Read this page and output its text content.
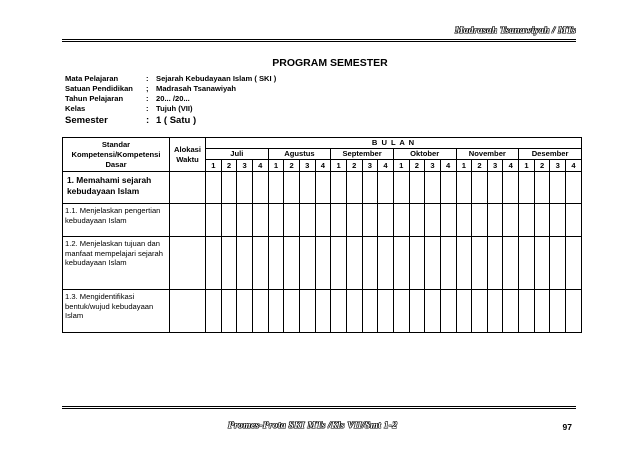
Madrasah Tsanawiyah / MTs
PROGRAM SEMESTER
Mata Pelajaran	: Sejarah Kebudayaan Islam ( SKI )
Satuan Pendidikan	; Madrasah Tsanawiyah
Tahun Pelajaran	: 20... /20...
Kelas	: Tujuh (VII)
Semester	: 1 ( Satu )
Standar Kompetensi/Kompetensi Dasar	Alokasi Waktu	B U L A N																							
		Juli				Agustus				September				Oktober				November				Desember			
		1	2	3	4	1	2	3	4	1	2	3	4	1	2	3	4	1	2	3	4	1	2	3	4
1. Memahami sejarah kebudayaan Islam																									
1.1. Menjelaskan pengertian kebudayaan Islam																									
1.2. Menjelaskan tujuan dan manfaat mempelajari sejarah kebudayaan Islam																									
1.3. Mengidentifikasi bentuk/wujud kebudayaan Islam																									
Promes-Prota SKI MTs /Kls VII/Smt 1-2	97
